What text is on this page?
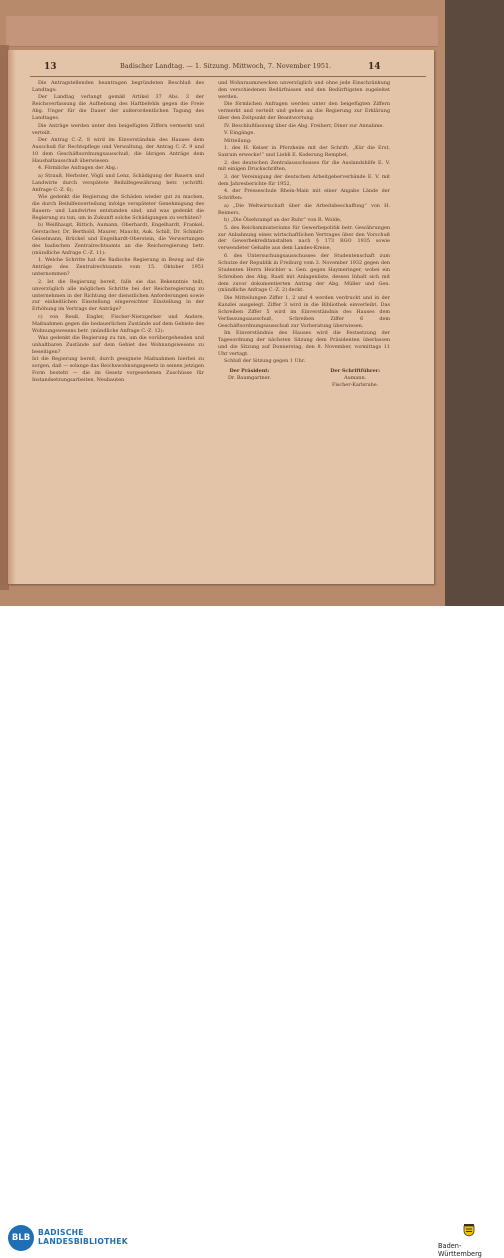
13	Badischer Landtag. — 1. Sitzung. Mittwoch, 7. November 1951.	14

Die Antragstellenden beantragen begründeten Beschluß des Landtags:

Der Landtag verlangt gemäß Artikel 37 Abs. 3 der Reichsverfassung die Aufhebung des Haftbefehls gegen die Freie Abg. Unger für die Dauer der außerordentlichen Tagung des Landtages.

Die Anträge werden unter den beigefügten Ziffern vermerkt und verteilt.

Der Antrag C.-Z. 8 wird im Einverständnis des Hauses dem Ausschuß für Rechtspflege und Verwaltung, der Antrag C.-Z. 9 und 10 dem Geschäftsordnungsausschuß, die übrigen Anträge dem Haushaltausschuß überwiesen.

4. Förmliche Anfragen der Abg.:

a) Strauß, Herbster, Vögli und Lenz, Schädigung der Bauern und Landwirte durch verspätete Beihilfegewährung betr. (schriftl. Anfrage C.-Z. 6);

Wie gedenkt die Regierung die Schäden wieder gut zu machen, die durch Beihilfenverteilung infolge verspäteter Genehmigung des Bauern- und Landwirtes entstanden sind, und was gedenkt die Regierung zu tun, um in Zukunft solche Schädigungen zu verhüten?

b) Weißhaupt, Rittich, Aumann, Oberhardt, Engelhardt, Frankel, Gerstacher, Dr. Berthold, Maurer, Maucht, Auk. Schill, Dr. Schmitt-Geiselmann, Brückel und Engelhardt-Oberstein, die Verwertungen des badischen Zentralrechtsamts an die Reichsregierung betr. (mündliche Anfrage C.-Z. 11):

1. Welche Schritte hat die Badische Regierung in Bezug auf die Anträge des Zentralrechtsamts vom 15. Oktober 1951 unternommen?

2. Ist die Regierung bereit, falls sie das Bekenntnis teilt, unverzüglich alle möglichen Schritte bei der Reichsregierung zu unternehmen in der Richtung der dienstlichen Anforderungen sowie zur einheitlichen Einstellung eingereichter Einstellung in der Erhöhung im Vertrags der Anträge?

c) von Reuß, Engler, Fischer-Nierzgerker und Andere, Maßnahmen gegen die bedauerlichen Zustände auf dem Gebiete des Wohnungswesens betr. (mündliche Anfrage C.-Z. 12):

Was gedenkt die Regierung zu tun, um die vorübergehenden und unhaltbaren Zustände auf dem Gebiet des Wohnungswesens zu beseitigen?

Ist die Regierung bereit, durch geeignete Maßnahmen hierbei zu sorgen, daß — solange das Reichswohnungsgesetz in seinen jetzigen Form besteht — die im Gesetz vorgesehenen Zuschüsse für Instandsetzungsarbeiten, Neubauten

und Wohnraumzwecken unverzüglich und ohne jede Einschränkung den verschiedenen Bedürfnissen und den Bedürftigsten zugeleitet werden.

Die förmlichen Anfragen werden unter den beigefügten Ziffern vermerkt und verteilt und gehen an die Regierung zur Erklärung über den Zeitpunkt der Beantwortung.

IV. Beschlußfassung über die Abg. Freiherr, Diner zur Annahme.

V. Eingänge.

Mitteilung:

1. des H. Kelser in Pforzheim mit der Schrift: „Kür die Erst, Saxrum erwecke!“ und Liebli E. Koderung Rempbel,

2. des deutschen Zentralausschusses für die Auslandshilfe E. V. mit einigen Druckschriften,

3. der Vereinigung der deutschen Arbeitgeberverbände E. V. mit dem Jahresberichte für 1952,

4. der Presseschule Rhein-Main mit einer Angabe Lände der Schriften:

a) „Die Weltwirtschaft über die Arbeitsbeschaffung“ von H. Reimers,

b) „Die Ölsehrampf an der Ruhr“ von R. Wolde,

5. des Reichsministeriums für Gewerbepolitik betr. Gewährungen zur Anbahnung eines wirtschaftlichen Vertrages über den Vorschuß der Gewerbekreditanstalten nach § 173 RGO 1935 sowie verwendeter Gehalte aus dem Landes-Kreise,

6. des Untersuchungsausschusses der Studentenschaft zum Schutze der Republik in Freiburg vom 3. November 1932 gegen den Studenten Herrn Heichler u. Gen. gegen Haymeringer, wobei ein Schreiben des Abg. Rastl mit Anlagenliste, dessen Inhalt sich mit dem zuvor dokumentierten Antrag der Abg. Müller und Gen. (mündliche Anfrage C.-Z. 2) deckt.

Die Mitteilungen Ziffer 1, 2 und 4 werden verdruckt und in der Kanzlei ausgelegt. Ziffer 3 wird in die Bibliothek einverleibt. Das Schreiben Ziffer 5 wird im Einverständnis des Hauses dem Verfassungsausschuß, Schreiben Ziffer 6 dem Geschäftsordnungsausschuß zur Vorberatung überwiesen.

Im Einverständnis des Hauses wird die Festsetzung der Tagesordnung der nächsten Sitzung dem Präsidenten überlassen und die Sitzung auf Donnerstag, den 8. November, vormittags 11 Uhr vertagt.

Schluß der Sitzung gegen 1 Uhr.

Der Präsident:
Dr. Baumgartner.
Der Schriftführer:
Aumann.
Fischer-Karlsruhe.
BLB
BADISCHE
LANDESBIBLIOTHEK	Baden-Württemberg
